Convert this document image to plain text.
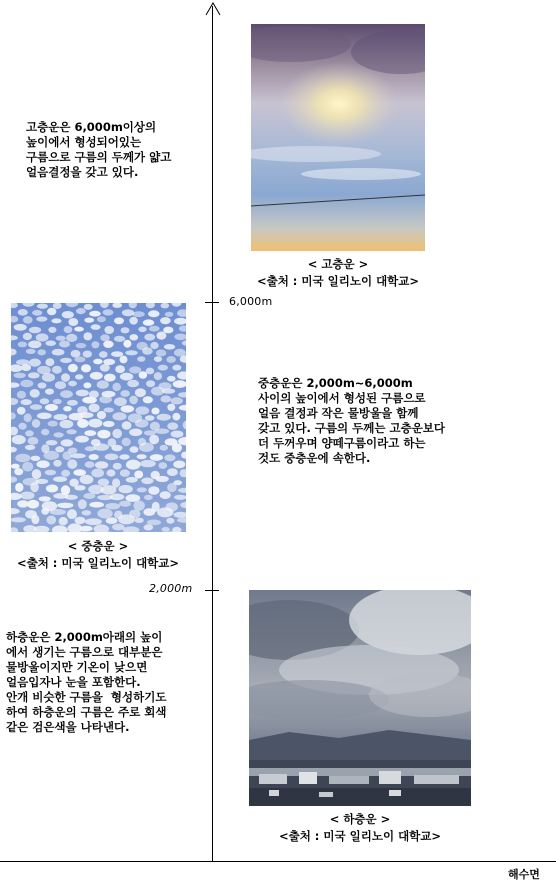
6,000m
2,000m
해수면
고층운은 6,000m이상의
높이에서 형성되어있는
구름으로 구름의 두께가 얇고
얼음결정을 갖고 있다.
< 고층운 >
<출처 : 미국 일리노이 대학교>
< 중층운 >
<출처 : 미국 일리노이 대학교>
중층운은 2,000m~6,000m
사이의 높이에서 형성된 구름으로
얼음 결정과 작은 물방울을 함께
갖고 있다. 구름의 두께는 고층운보다
더 두꺼우며 양떼구름이라고 하는
것도 중층운에 속한다.
하층운은 2,000m아래의 높이
에서 생기는 구름으로 대부분은
물방울이지만 기온이 낮으면
얼음입자나 눈을 포함한다.
안개 비슷한 구름을  형성하기도
하여 하층운의 구름은 주로 회색
같은 검은색을 나타낸다.
< 하층운 >
<출처 : 미국 일리노이 대학교>
